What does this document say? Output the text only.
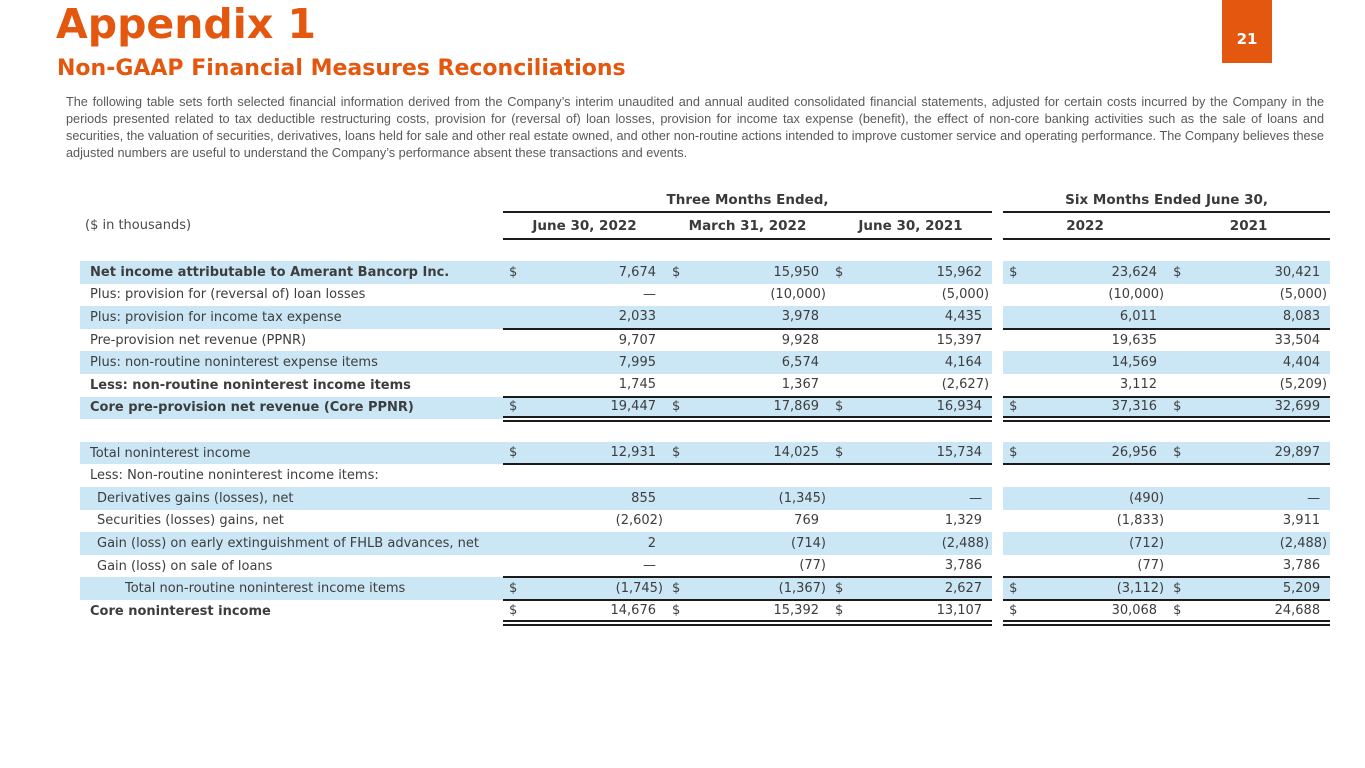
Appendix 1
Non-GAAP Financial Measures Reconciliations
21
The following table sets forth selected financial information derived from the Company’s interim unaudited and annual audited consolidated financial statements, adjusted for certain costs incurred by the Company in the periods presented related to tax deductible restructuring costs, provision for (reversal of) loan losses, provision for income tax expense (benefit), the effect of non-core banking activities such as the sale of loans and securities, the valuation of securities, derivatives, loans held for sale and other real estate owned, and other non-routine actions intended to improve customer service and operating performance. The Company believes these adjusted numbers are useful to understand the Company’s performance absent these transactions and events.
	Three Months Ended,							Six Months Ended June 30,			
($ in thousands)	June 30, 2022		March 31, 2022		June 30, 2021			2022		2021	

Net income attributable to Amerant Bancorp Inc.	$	7,674	$	15,950	$	15,962		$	23,624	$	30,421
Plus: provision for (reversal of) loan losses		—		(10,000)		(5,000)			(10,000)		(5,000)
Plus: provision for income tax expense		2,033		3,978		4,435			6,011		8,083
Pre-provision net revenue (PPNR)		9,707		9,928		15,397			19,635		33,504
Plus: non-routine noninterest expense items		7,995		6,574		4,164			14,569		4,404
Less: non-routine noninterest income items		1,745		1,367		(2,627)			3,112		(5,209)
Core pre-provision net revenue (Core PPNR)	$	19,447	$	17,869	$	16,934		$	37,316	$	32,699

Total noninterest income	$	12,931	$	14,025	$	15,734		$	26,956	$	29,897
Less: Non-routine noninterest income items:											
Derivatives gains (losses), net		855		(1,345)		—			(490)		—
Securities (losses) gains, net		(2,602)		769		1,329			(1,833)		3,911
Gain (loss) on early extinguishment of FHLB advances, net		2		(714)		(2,488)			(712)		(2,488)
Gain (loss) on sale of loans		—		(77)		3,786			(77)		3,786
Total non-routine noninterest income items	$	(1,745)	$	(1,367)	$	2,627		$	(3,112)	$	5,209
Core noninterest income	$	14,676	$	15,392	$	13,107		$	30,068	$	24,688
